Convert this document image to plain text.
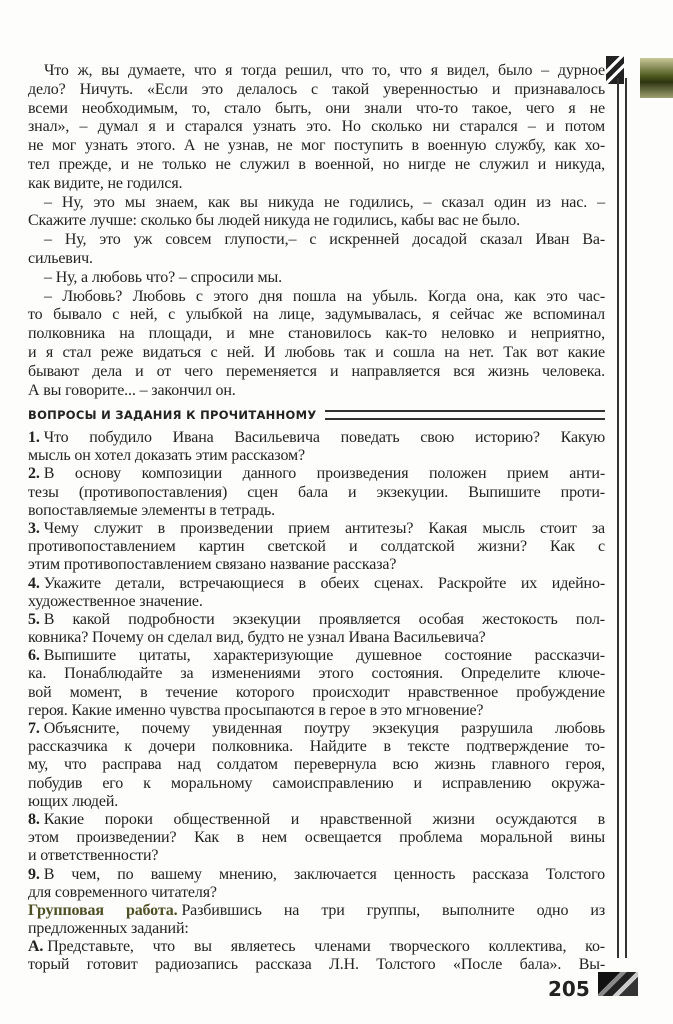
Что ж, вы думаете, что я тогда решил, что то, что я видел, было – дурное
дело? Ничуть. «Если это делалось с такой уверенностью и признавалось
всеми необходимым, то, стало быть, они знали что-то такое, чего я не
знал», – думал я и старался узнать это. Но сколько ни старался – и потом
не мог узнать этого. А не узнав, не мог поступить в военную службу, как хо-
тел прежде, и не только не служил в военной, но нигде не служил и никуда,
как видите, не годился.
– Ну, это мы знаем, как вы никуда не годились, – сказал один из нас. –
Скажите лучше: сколько бы людей никуда не годились, кабы вас не было.
– Ну, это уж совсем глупости,– с искренней досадой сказал Иван Ва-
сильевич.
– Ну, а любовь что? – спросили мы.
– Любовь? Любовь с этого дня пошла на убыль. Когда она, как это час-
то бывало с ней, с улыбкой на лице, задумывалась, я сейчас же вспоминал
полковника на площади, и мне становилось как-то неловко и неприятно,
и я стал реже видаться с ней. И любовь так и сошла на нет. Так вот какие
бывают дела и от чего переменяется и направляется вся жизнь человека.
А вы говорите... – закончил он.
ВОПРОСЫ И ЗАДАНИЯ К ПРОЧИТАННОМУ
1. Что побудило Ивана Васильевича поведать свою историю? Какую
мысль он хотел доказать этим рассказом?
2. В основу композиции данного произведения положен прием анти-
тезы (противопоставления) сцен бала и экзекуции. Выпишите проти-
вопоставляемые элементы в тетрадь.
3. Чему служит в произведении прием антитезы? Какая мысль стоит за
противопоставлением картин светской и солдатской жизни? Как с
этим противопоставлением связано название рассказа?
4. Укажите детали, встречающиеся в обеих сценах. Раскройте их идейно-
художественное значение.
5. В какой подробности экзекуции проявляется особая жестокость пол-
ковника? Почему он сделал вид, будто не узнал Ивана Васильевича?
6. Выпишите цитаты, характеризующие душевное состояние рассказчи-
ка. Понаблюдайте за изменениями этого состояния. Определите ключе-
вой момент, в течение которого происходит нравственное пробуждение
героя. Какие именно чувства просыпаются в герое в это мгновение?
7. Объясните, почему увиденная поутру экзекуция разрушила любовь
рассказчика к дочери полковника. Найдите в тексте подтверждение то-
му, что расправа над солдатом перевернула всю жизнь главного героя,
побудив его к моральному самоисправлению и исправлению окружа-
ющих людей.
8. Какие пороки общественной и нравственной жизни осуждаются в
этом произведении? Как в нем освещается проблема моральной вины
и ответственности?
9. В чем, по вашему мнению, заключается ценность рассказа Толстого
для современного читателя?
Групповая работа. Разбившись на три группы, выполните одно из
предложенных заданий:
А. Представьте, что вы являетесь членами творческого коллектива, ко-
торый готовит радиозапись рассказа Л.Н. Толстого «После бала». Вы-
205
